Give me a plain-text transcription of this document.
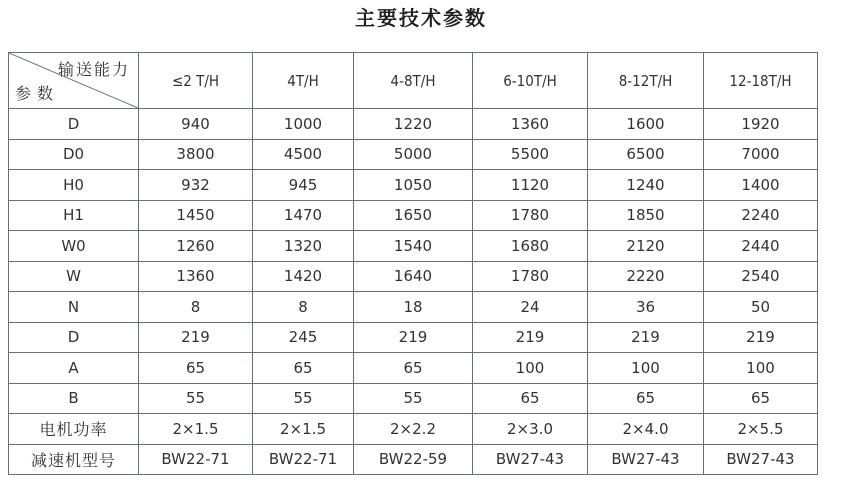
主要技术参数
输送能力
参数	≤2 T/H	4T/H	4-8T/H	6-10T/H	8-12T/H	12-18T/H
D	940	1000	1220	1360	1600	1920
D0	3800	4500	5000	5500	6500	7000
H0	932	945	1050	1120	1240	1400
H1	1450	1470	1650	1780	1850	2240
W0	1260	1320	1540	1680	2120	2440
W	1360	1420	1640	1780	2220	2540
N	8	8	18	24	36	50
D	219	245	219	219	219	219
A	65	65	65	100	100	100
B	55	55	55	65	65	65
电机功率	2×1.5	2×1.5	2×2.2	2×3.0	2×4.0	2×5.5
减速机型号	BW22-71	BW22-71	BW22-59	BW27-43	BW27-43	BW27-43
